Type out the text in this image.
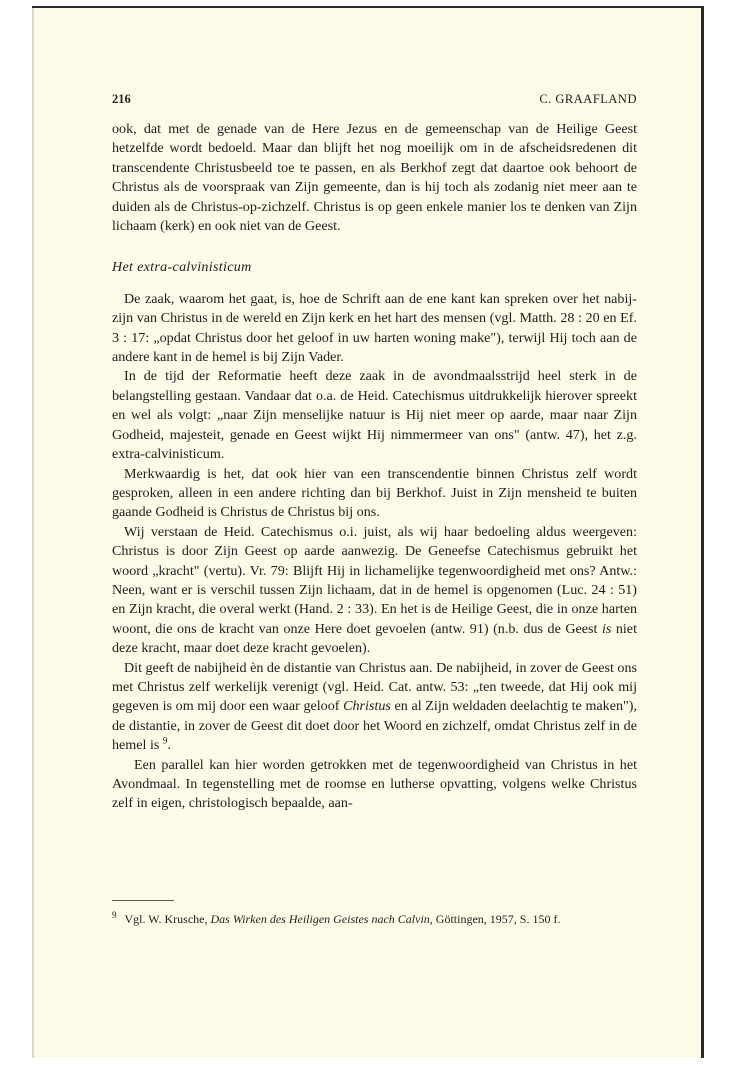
216	C. GRAAFLAND

ook, dat met de genade van de Here Jezus en de gemeenschap van de Heilige Geest hetzelfde wordt bedoeld. Maar dan blijft het nog moeilijk om in de afscheidsredenen dit transcendente Christusbeeld toe te passen, en als Berkhof zegt dat daartoe ook behoort de Christus als de voorspraak van Zijn gemeente, dan is hij toch als zodanig niet meer aan te duiden als de Christus-op-zichzelf. Christus is op geen enkele manier los te denken van Zijn lichaam (kerk) en ook niet van de Geest.

Het extra-calvinisticum

De zaak, waarom het gaat, is, hoe de Schrift aan de ene kant kan spreken over het nabij-zijn van Christus in de wereld en Zijn kerk en het hart des mensen (vgl. Matth. 28 : 20 en Ef. 3 : 17: „opdat Christus door het geloof in uw harten woning make"), terwijl Hij toch aan de andere kant in de hemel is bij Zijn Vader.

In de tijd der Reformatie heeft deze zaak in de avondmaalsstrijd heel sterk in de belangstelling gestaan. Vandaar dat o.a. de Heid. Catechismus uitdrukkelijk hierover spreekt en wel als volgt: „naar Zijn menselijke natuur is Hij niet meer op aarde, maar naar Zijn Godheid, majesteit, genade en Geest wijkt Hij nimmermeer van ons" (antw. 47), het z.g. extra-calvinisticum.

Merkwaardig is het, dat ook hier van een transcendentie binnen Christus zelf wordt gesproken, alleen in een andere richting dan bij Berkhof. Juist in Zijn mensheid te buiten gaande Godheid is Christus de Christus bij ons.

Wij verstaan de Heid. Catechismus o.i. juist, als wij haar bedoeling aldus weergeven: Christus is door Zijn Geest op aarde aanwezig. De Geneefse Catechismus gebruikt het woord „kracht" (vertu). Vr. 79: Blijft Hij in lichamelijke tegenwoordigheid met ons? Antw.: Neen, want er is verschil tussen Zijn lichaam, dat in de hemel is opgenomen (Luc. 24 : 51) en Zijn kracht, die overal werkt (Hand. 2 : 33). En het is de Heilige Geest, die in onze harten woont, die ons de kracht van onze Here doet gevoelen (antw. 91) (n.b. dus de Geest is niet deze kracht, maar doet deze kracht gevoelen).

Dit geeft de nabijheid èn de distantie van Christus aan. De nabijheid, in zover de Geest ons met Christus zelf werkelijk verenigt (vgl. Heid. Cat. antw. 53: „ten tweede, dat Hij ook mij gegeven is om mij door een waar geloof Christus en al Zijn weldaden deelachtig te maken"), de distantie, in zover de Geest dit doet door het Woord en zichzelf, omdat Christus zelf in de hemel is $^9$.

Een parallel kan hier worden getrokken met de tegenwoordigheid van Christus in het Avondmaal. In tegenstelling met de roomse en lutherse opvatting, volgens welke Christus zelf in eigen, christologisch bepaalde, aan-

$^9$ Vgl. W. Krusche, Das Wirken des Heiligen Geistes nach Calvin, Göttingen, 1957, S. 150 f.
